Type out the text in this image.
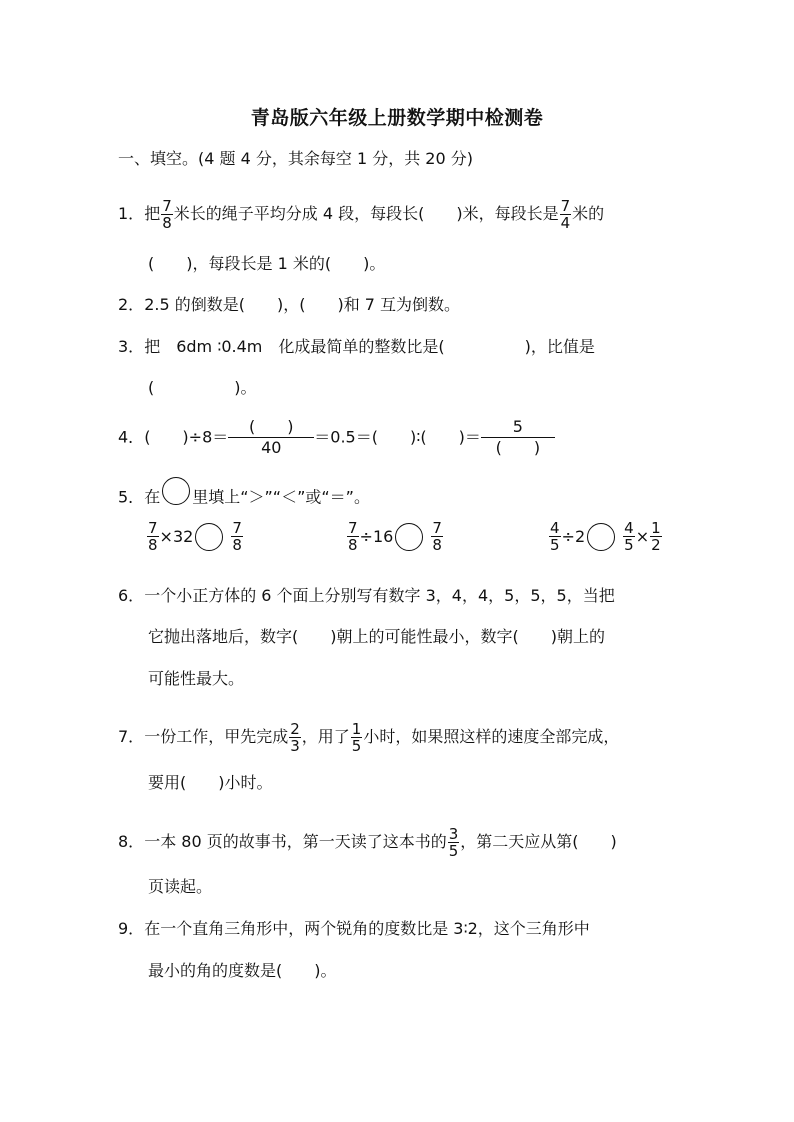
青岛版六年级上册数学期中检测卷
一、填空。(4 题 4 分，其余每空 1 分，共 20 分)
1．把 $\frac{7}{8}$ 米长的绳子平均分成 4 段，每段长(　　)米，每段长是 $\frac{7}{4}$ 米的
(　　)，每段长是 1 米的(　　)。
2．2.5 的倒数是(　　)，(　　)和 7 互为倒数。
3．把　6dm ∶0.4m　化成最简单的整数比是(　　　　　)，比值是
(　　　　　)。
4．(　　)÷8＝
(　　)
40
＝0.5＝(　　)∶(　　)＝
5
(　　)
5．在 里填上“＞”“＜”或“＝”。
$\frac{7}{8} \times 32$	$\frac{7}{8}$	$\frac{7}{8} \div 16$	$\frac{7}{8}$	$\frac{4}{5} \div 2$	$\frac{4}{5} \times \frac{1}{2}$
6．一个小正方体的 6 个面上分别写有数字 3，4，4，5，5，5，当把
它抛出落地后，数字(　　)朝上的可能性最小，数字(　　)朝上的
可能性最大。
7．一份工作，甲先完成 $\frac{2}{3}$ ，用了 $\frac{1}{5}$ 小时，如果照这样的速度全部完成，
要用(　　)小时。
8．一本 80 页的故事书，第一天读了这本书的 $\frac{3}{5}$ ，第二天应从第(　　)
页读起。
9．在一个直角三角形中，两个锐角的度数比是 3∶2，这个三角形中
最小的角的度数是(　　)。
